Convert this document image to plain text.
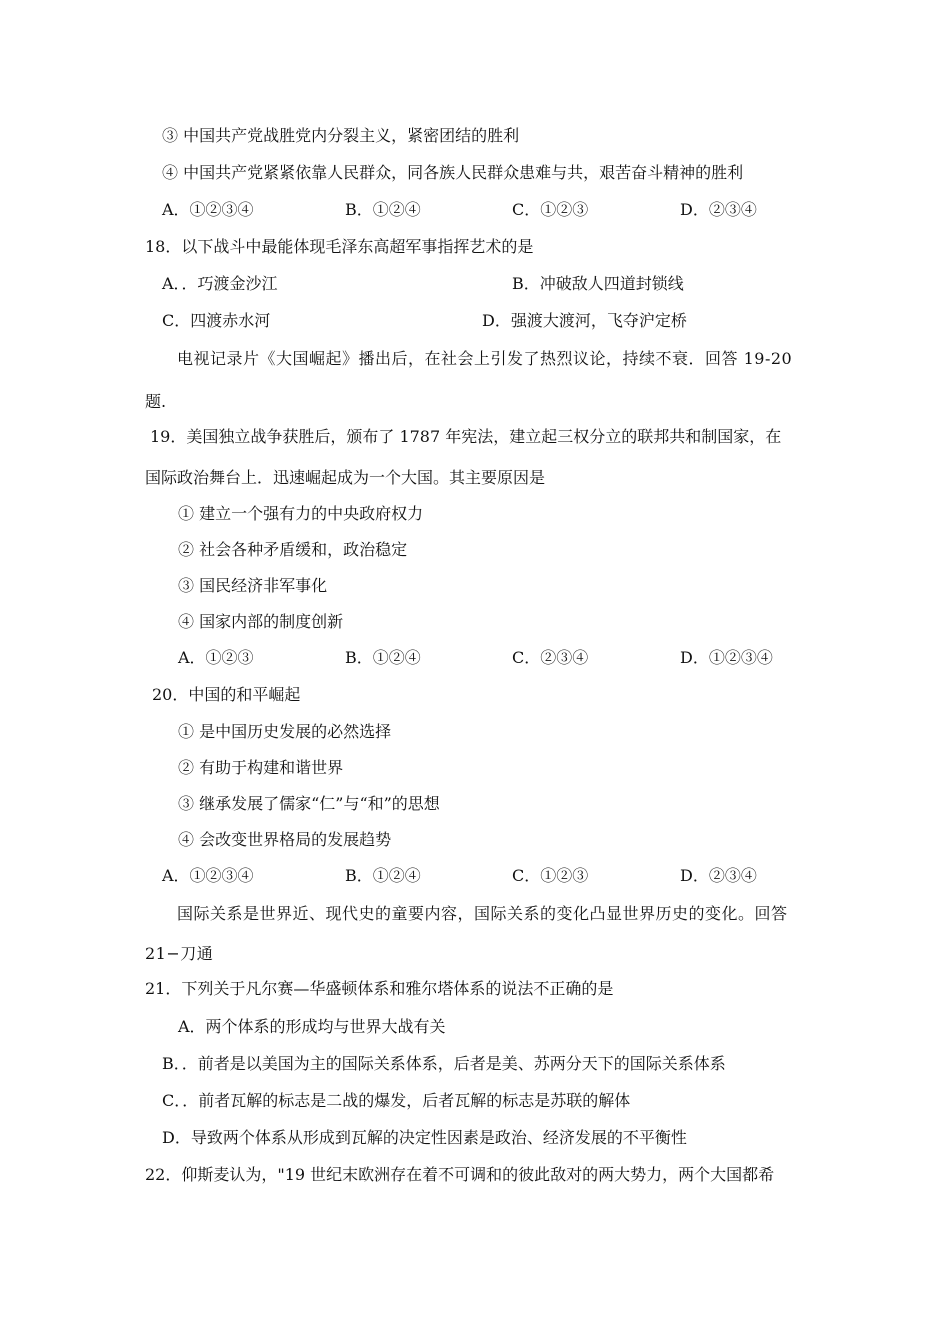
③ 中国共产党战胜党内分裂主义，紧密团结的胜利
④ 中国共产党紧紧依靠人民群众，同各族人民群众患难与共，艰苦奋斗精神的胜利
A．①②③④	B．①②④	C．①②③	D．②③④
18．以下战斗中最能体现毛泽东高超军事指挥艺术的是
A．．巧渡金沙江	B．冲破敌人四道封锁线
C．四渡赤水河	D．强渡大渡河，飞夺沪定桥
电视记录片《大国崛起》播出后，在社会上引发了热烈议论，持续不衰．回答 19-20
题.
19．美国独立战争获胜后，颁布了 1787 年宪法，建立起三权分立的联邦共和制国家，在
国际政治舞台上．迅速崛起成为一个大国。其主要原因是
① 建立一个强有力的中央政府权力
② 社会各种矛盾缓和，政治稳定
③ 国民经济非军事化
④ 国家内部的制度创新
A．①②③	B．①②④	C．②③④	D．①②③④
20．中国的和平崛起
① 是中国历史发展的必然选择
② 有助于构建和谐世界
③ 继承发展了儒家“仁”与“和”的思想
④ 会改变世界格局的发展趋势
A．①②③④	B．①②④	C．①②③	D．②③④
国际关系是世界近、现代史的童要内容，国际关系的变化凸显世界历史的变化。回答
21−刀通
21．下列关于凡尔赛—华盛顿体系和雅尔塔体系的说法不正确的是
A．两个体系的形成均与世界大战有关
B．．前者是以美国为主的国际关系体系，后者是美、苏两分天下的国际关系体系
C．．前者瓦解的标志是二战的爆发，后者瓦解的标志是苏联的解体
D．导致两个体系从形成到瓦解的决定性因素是政治、经济发展的不平衡性
22．仰斯麦认为，"19 世纪末欧洲存在着不可调和的彼此敌对的两大势力，两个大国都希
